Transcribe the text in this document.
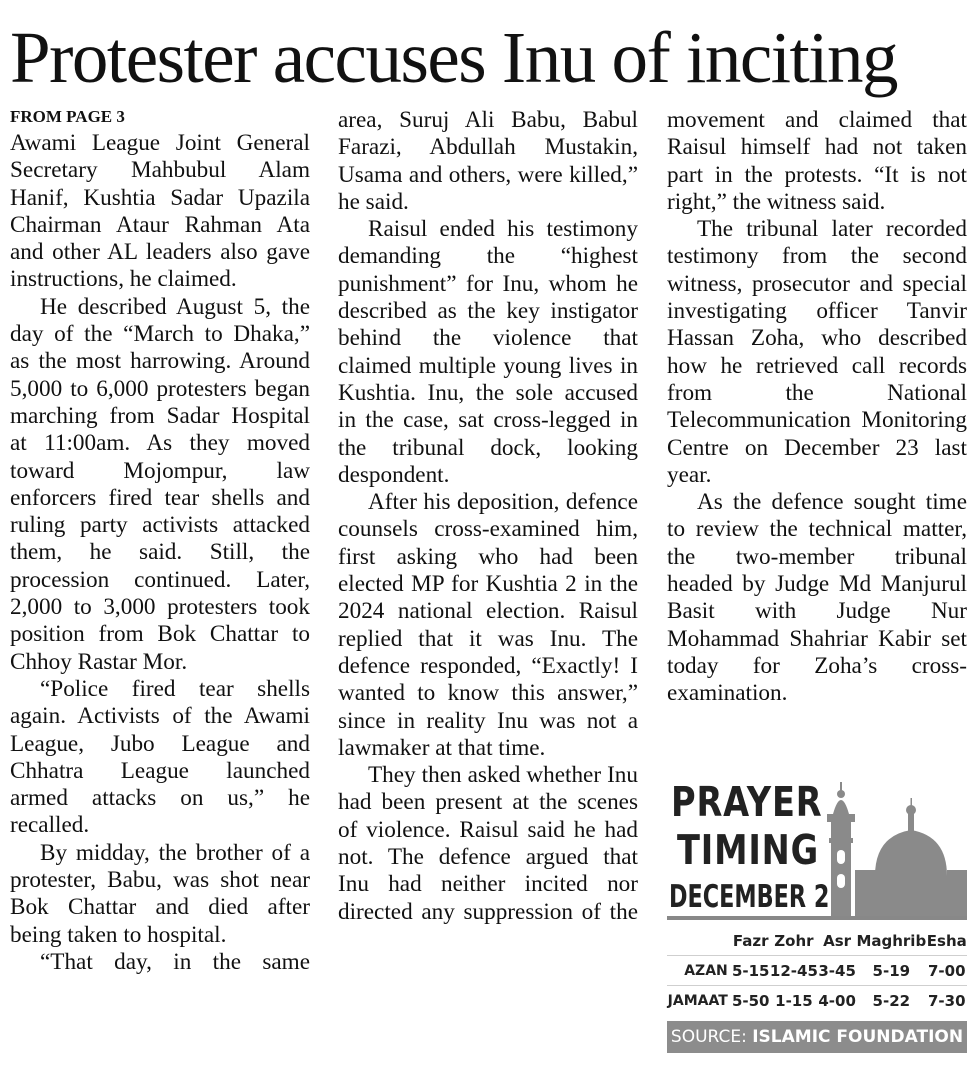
Protester accuses Inu of inciting
FROM PAGE 3

Awami League Joint General Secretary Mahbubul Alam Hanif, Kushtia Sadar Upazila Chairman Ataur Rahman Ata and other AL leaders also gave instructions, he claimed.

He described August 5, the day of the “March to Dhaka,” as the most harrowing. Around 5,000 to 6,000 protesters began marching from Sadar Hospital at 11:00am. As they moved toward Mojompur, law enforcers fired tear shells and ruling party activists attacked them, he said. Still, the procession continued. Later, 2,000 to 3,000 protesters took position from Bok Chattar to Chhoy Rastar Mor.

“Police fired tear shells again. Activists of the Awami League, Jubo League and Chhatra League launched armed attacks on us,” he recalled.

By midday, the brother of a protester, Babu, was shot near Bok Chattar and died after being taken to hospital.

“That day, in the same

area, Suruj Ali Babu, Babul Farazi, Abdullah Mustakin, Usama and others, were killed,” he said.

Raisul ended his testimony demanding the “highest punishment” for Inu, whom he described as the key instigator behind the violence that claimed multiple young lives in Kushtia. Inu, the sole accused in the case, sat cross-legged in the tribunal dock, looking despondent.

After his deposition, defence counsels cross-examined him, first asking who had been elected MP for Kushtia 2 in the 2024 national election. Raisul replied that it was Inu. The defence responded, “Exactly! I wanted to know this answer,” since in reality Inu was not a lawmaker at that time.

They then asked whether Inu had been present at the scenes of violence. Raisul said he had not. The defence argued that Inu had neither incited nor directed any suppression of the

movement and claimed that Raisul himself had not taken part in the protests. “It is not right,” the witness said.

The tribunal later recorded testimony from the second witness, prosecutor and special investigating officer Tanvir Hassan Zoha, who described how he retrieved call records from the National Telecommunication Monitoring Centre on December 23 last year.

As the defence sought time to review the technical matter, the two-member tribunal headed by Judge Md Manjurul Basit with Judge Nur Mohammad Shahriar Kabir set today for Zoha’s cross-examination.

PRAYER
TIMING
DECEMBER 2
	Fazr	Zohr	Asr	Maghrib	Esha
AZAN	5-15	12-45	3-45	5-19	7-00
JAMAAT	5-50	1-15	4-00	5-22	7-30
SOURCE: ISLAMIC FOUNDATION
